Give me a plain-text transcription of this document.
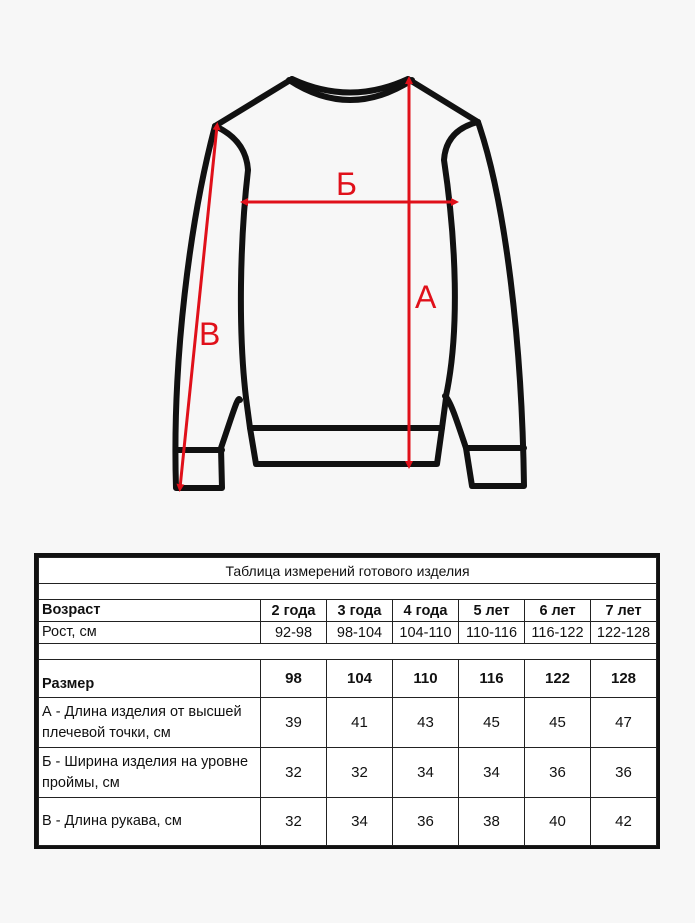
А
Б
В
Таблица измерений готового изделия						

Возраст	2 года	3 года	4 года	5 лет	6 лет	7 лет
Рост, см	92-98	98-104	104-110	110-116	116-122	122-128

Размер	98	104	110	116	122	128
А - Длина изделия от высшей плечевой точки, см	39	41	43	45	45	47
Б - Ширина изделия на уровне проймы, см	32	32	34	34	36	36
В - Длина рукава, см	32	34	36	38	40	42
